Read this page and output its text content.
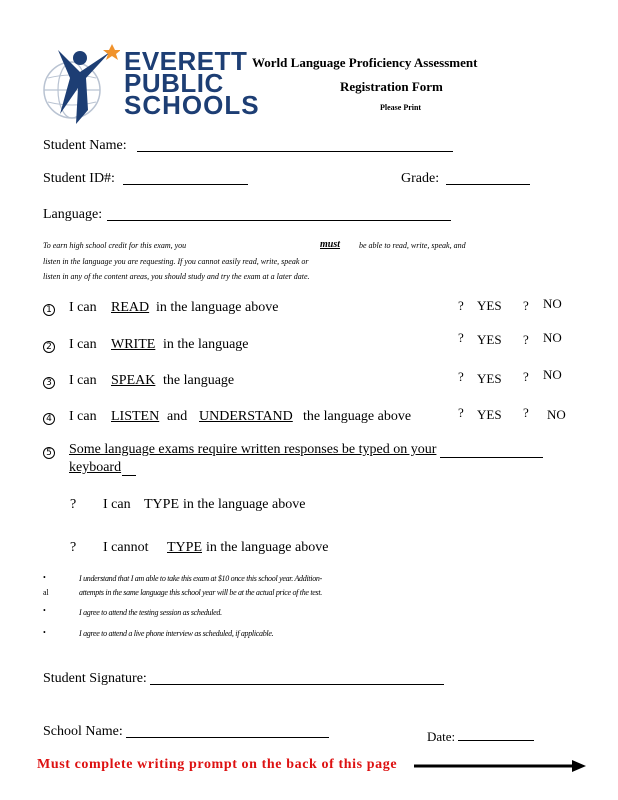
EVERETT
PUBLIC
SCHOOLS
World Language Proficiency Assessment
Registration Form
Please Print
Student Name:
Student ID#:	Grade:
Language:
To earn high school credit for this exam, you	must be able to read, write, speak, and
listen in the language you are requesting. If you cannot easily read, write, speak or
listen in any of the content areas, you should study and try the exam at a later date.
1 I can READ in the language above	? YES ? NO
2 I can WRITE in the language	? YES ? NO
3 I can SPEAK the language	? YES ? NO
4 I can LISTEN and UNDERSTAND the language above	? YES ? NO
5 Some language exams require written responses be typed on your
keyboard
? I can TYPE in the language above
? I cannot TYPE in the language above
•	I understand that I am able to take this exam at $10 once this school year. Addition-
al	attempts in the same language this school year will be at the actual price of the test.
•	I agree to attend the testing session as scheduled.
•	I agree to attend a live phone interview as scheduled, if applicable.
Student Signature:
School Name:	Date:
Must complete writing prompt on the back of this page
